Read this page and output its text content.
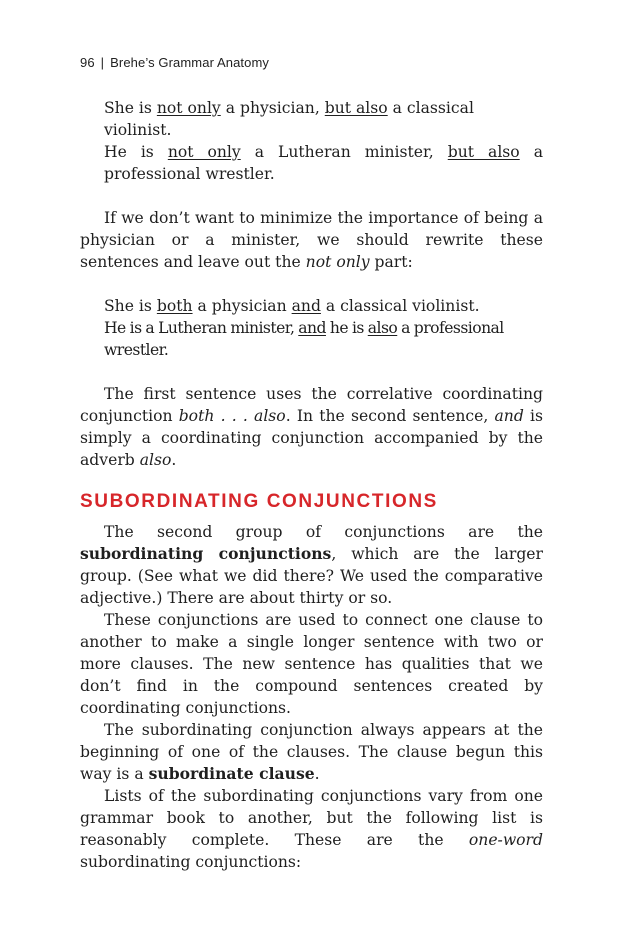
96 | Brehe’s Grammar Anatomy
She is not only a physician, but also a classical violinist.
He is not only a Lutheran minister, but also a professional wrestler.

If we don’t want to minimize the importance of being a physician or a minister, we should rewrite these sentences and leave out the not only part:

She is both a physician and a classical violinist.
He is a Lutheran minister, and he is also a professional wrestler.

The first sentence uses the correlative coordinating conjunction both . . . also. In the second sentence, and is simply a coordinating conjunction accompanied by the adverb also.

SUBORDINATING CONJUNCTIONS

The second group of conjunctions are the subordinating conjunctions, which are the larger group. (See what we did there? We used the comparative adjective.) There are about thirty or so.

These conjunctions are used to connect one clause to another to make a single longer sentence with two or more clauses. The new sentence has qualities that we don’t find in the compound sentences created by coordinating conjunctions.

The subordinating conjunction always appears at the beginning of one of the clauses. The clause begun this way is a subordinate clause.

Lists of the subordinating conjunctions vary from one grammar book to another, but the following list is reasonably complete. These are the one-word subordinating conjunctions:
